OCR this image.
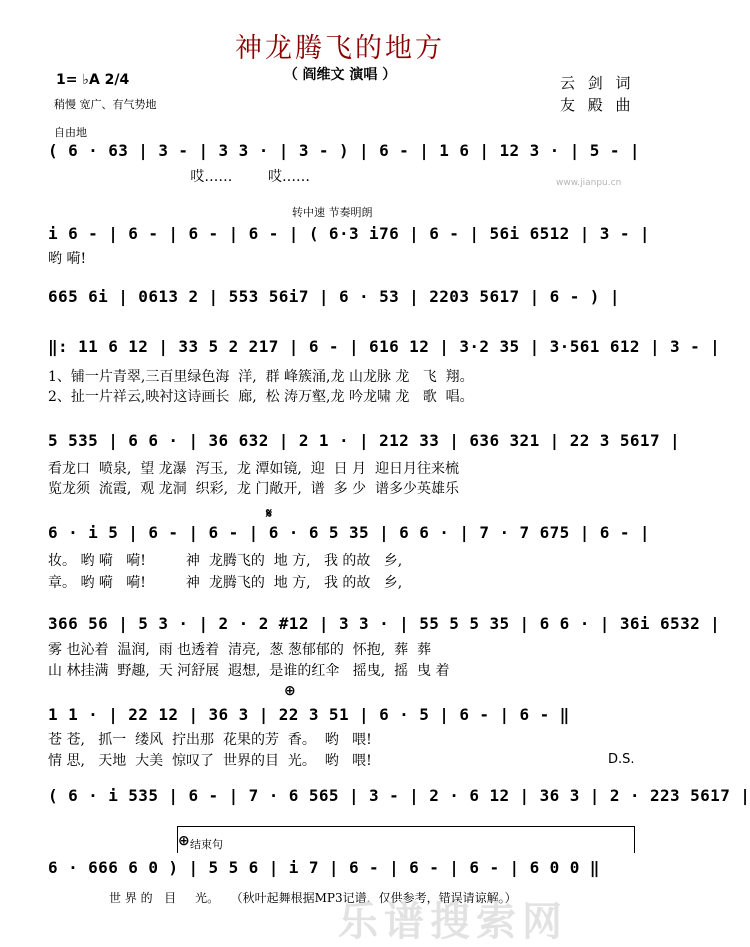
神龙腾飞的地方
（ 阎维文 演唱 ）
1= ♭A 2/4
稍慢 宽广、有气势地
云 剑 词
友 殿 曲
自由地
( 6 · 63 | 3 - | 3 3 · | 3 - ) | 6 - | 1 6 | 12 3 · | 5 - |
哎……        哎……
转中速 节奏明朗
www.jianpu.cn
i 6 - | 6 - | 6 - | 6 - | ( 6·3 i76 | 6 - | 56i 6512 | 3 - |
哟 嗬!
665 6i | 0613 2 | 553 56i7 | 6 · 53 | 2203 5617 | 6 - ) |
‖: 11 6 12 | 33 5 2 217 | 6 - | 616 12 | 3·2 35 | 3·561 612 | 3 - |
1、铺一片青翠,三百里绿色海  洋,  群 峰簇涌,龙 山龙脉 龙   飞  翔。
2、扯一片祥云,映衬这诗画长  廊,  松 涛万壑,龙 吟龙啸 龙   歌  唱。
5 535 | 6 6 · | 36 632 | 2 1 · | 212 33 | 636 321 | 22 3 5617 |
看龙口  喷泉,  望 龙瀑  泻玉,  龙 潭如镜,  迎  日 月  迎日月往来梳
览龙须  流霞,  观 龙洞  织彩,  龙 门敞开,  谱  多 少  谱多少英雄乐
𝄋
6 · i 5 | 6 - | 6 - | 6 · 6 5 35 | 6 6 · | 7 · 7 675 | 6 - |
妆。 哟 嗬   嗬!         神  龙腾飞的  地 方,   我 的故   乡,
章。 哟 嗬   嗬!         神  龙腾飞的  地 方,   我 的故   乡,
366 56 | 5 3 · | 2 · 2 #12 | 3 3 · | 55 5 5 35 | 6 6 · | 36i 6532 |
雾 也沁着  温润,  雨 也透着  清亮,  葱 葱郁郁的  怀抱,  葬  葬
山 林挂满  野趣,  天 河舒展  遐想,  是谁的红伞   摇曳,  摇  曳 着
⊕
1 1 · | 22 12 | 36 3 | 22 3 51 | 6 · 5 | 6 - | 6 - ‖
苍 苍,   抓一  缕风  拧出那  花果的芳  香。  哟   喂!
情 思,   天地  大美  惊叹了  世界的目  光。  哟   喂!	D.S.
( 6 · i 535 | 6 - | 7 · 6 565 | 3 - | 2 · 6 12 | 36 3 | 2 · 223 5617 |
⊕ 结束句
6 · 666 6 0 ) | 5 5 6 | i 7 | 6 - | 6 - | 6 - | 6 0 0 ‖
世 界 的   目     光。   （秋叶起舞根据MP3记谱，仅供参考，错误请谅解。）
乐谱搜索网
